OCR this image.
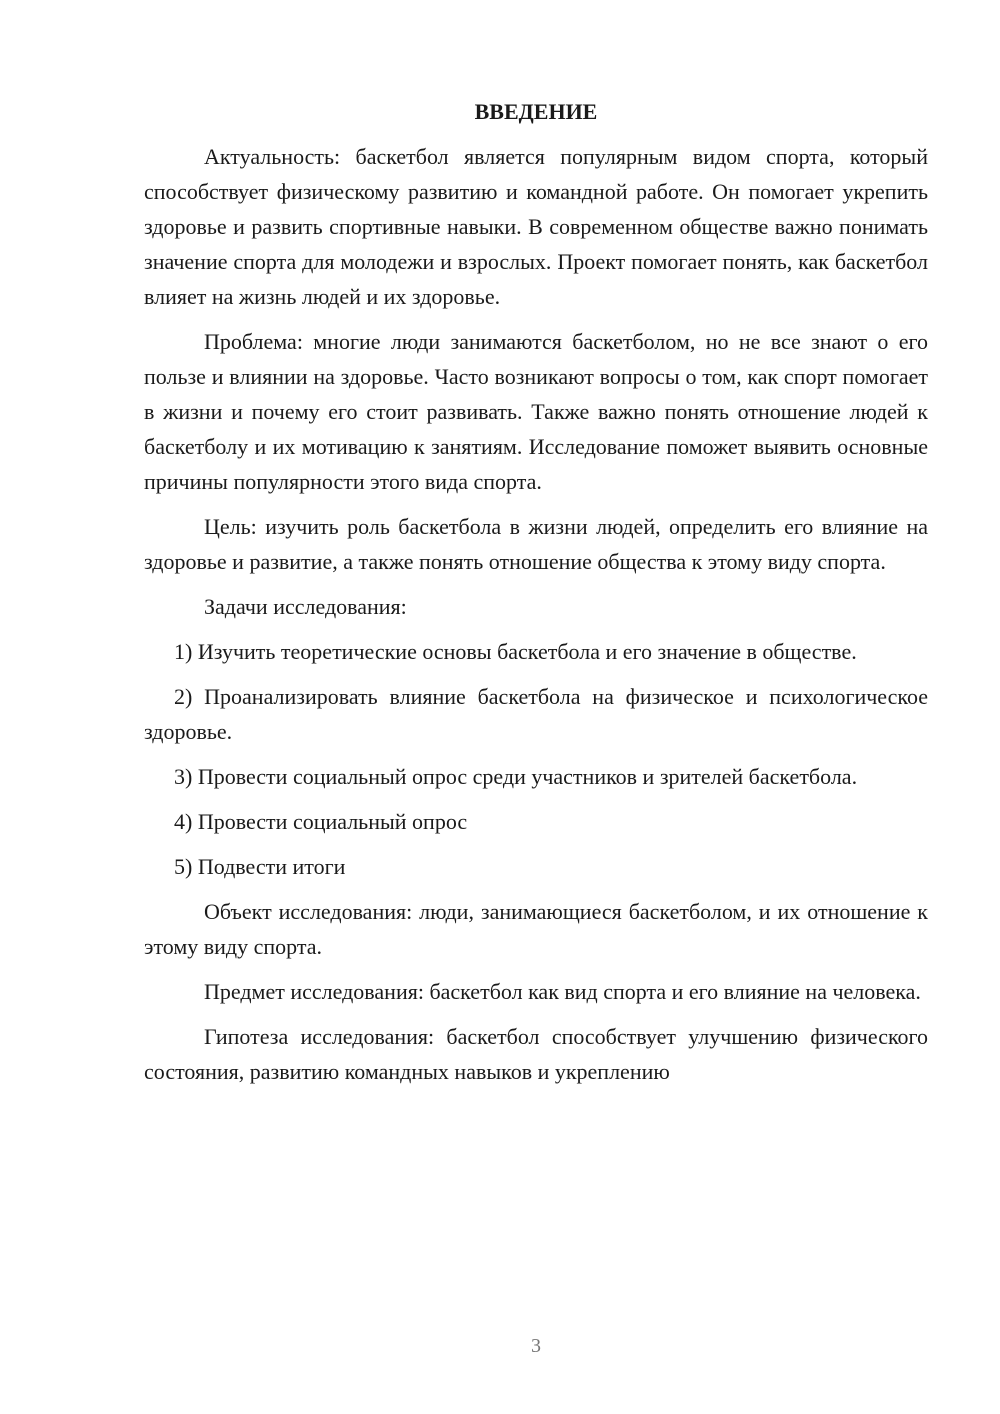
ВВЕДЕНИЕ

Актуальность: баскетбол является популярным видом спорта, который способствует физическому развитию и командной работе. Он помогает укрепить здоровье и развить спортивные навыки. В современном обществе важно понимать значение спорта для молодежи и взрослых. Проект помогает понять, как баскетбол влияет на жизнь людей и их здоровье.

Проблема: многие люди занимаются баскетболом, но не все знают о его пользе и влиянии на здоровье. Часто возникают вопросы о том, как спорт помогает в жизни и почему его стоит развивать. Также важно понять отношение людей к баскетболу и их мотивацию к занятиям. Исследование поможет выявить основные причины популярности этого вида спорта.

Цель: изучить роль баскетбола в жизни людей, определить его влияние на здоровье и развитие, а также понять отношение общества к этому виду спорта.

Задачи исследования:

1) Изучить теоретические основы баскетбола и его значение в обществе.

2) Проанализировать влияние баскетбола на физическое и психологическое здоровье.

3) Провести социальный опрос среди участников и зрителей баскетбола.

4) Провести социальный опрос

5) Подвести итоги

Объект исследования: люди, занимающиеся баскетболом, и их отношение к этому виду спорта.

Предмет исследования: баскетбол как вид спорта и его влияние на человека.

Гипотеза исследования: баскетбол способствует улучшению физического состояния, развитию командных навыков и укреплению

3
